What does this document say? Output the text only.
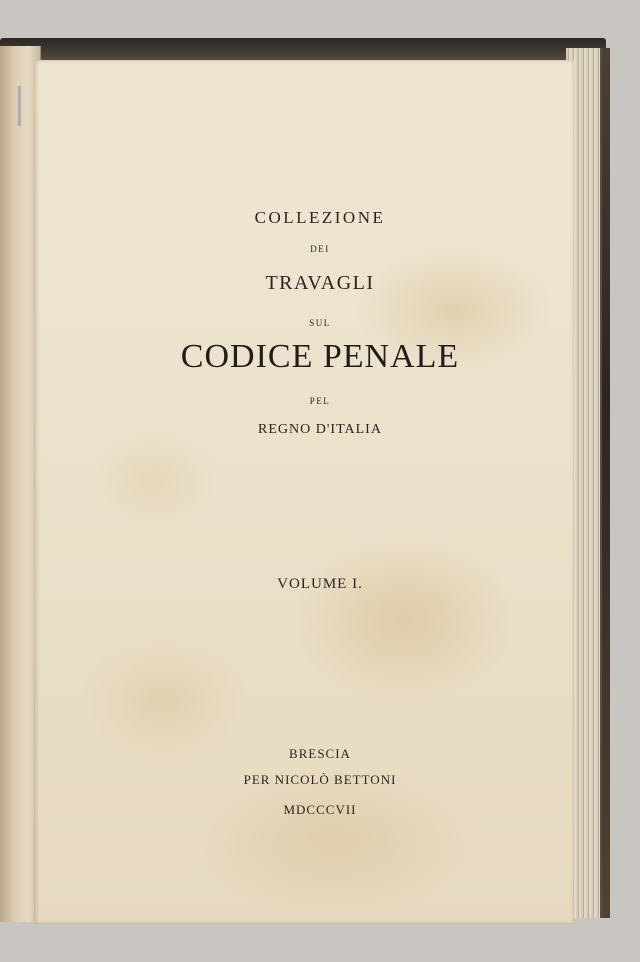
COLLEZIONE
DEI
TRAVAGLI
SUL
CODICE PENALE
PEL
REGNO D'ITALIA
VOLUME I.
BRESCIA
PER NICOLÒ BETTONI
MDCCCVII
